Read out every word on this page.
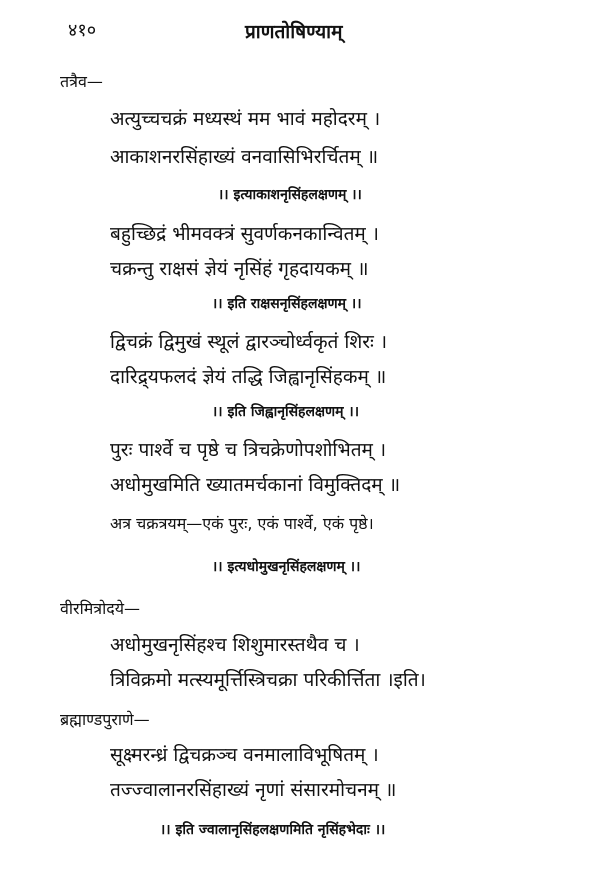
४१०	प्राणतोषिण्याम्
तत्रैव—
अत्युच्चचक्रं मध्यस्थं मम भावं महोदरम् ।
आकाशनरसिंहाख्यं वनवासिभिरर्चितम् ॥
।। इत्याकाशनृसिंहलक्षणम् ।।
बहुच्छिद्रं भीमवक्त्रं सुवर्णकनकान्वितम् ।
चक्रन्तु राक्षसं ज्ञेयं नृसिंहं गृहदायकम् ॥
।। इति राक्षसनृसिंहलक्षणम् ।।
द्विचक्रं द्विमुखं स्थूलं द्वारञ्चोर्ध्वकृतं शिरः ।
दारिद्र्यफलदं ज्ञेयं तद्धि जिह्वानृसिंहकम् ॥
।। इति जिह्वानृसिंहलक्षणम् ।।
पुरः पार्श्वे च पृष्ठे च त्रिचक्रेणोपशोभितम् ।
अधोमुखमिति ख्यातमर्चकानां विमुक्तिदम् ॥
अत्र चक्रत्रयम्—एकं पुरः, एकं पार्श्वे, एकं पृष्ठे।
।। इत्यधोमुखनृसिंहलक्षणम् ।।
वीरमित्रोदये—
अधोमुखनृसिंहश्च शिशुमारस्तथैव च ।
त्रिविक्रमो मत्स्यमूर्त्तिस्त्रिचक्रा परिकीर्त्तिता ।इति।
ब्रह्माण्डपुराणे—
सूक्ष्मरन्ध्रं द्विचक्रञ्च वनमालाविभूषितम् ।
तज्ज्वालानरसिंहाख्यं नृणां संसारमोचनम् ॥
।। इति ज्वालानृसिंहलक्षणमिति नृसिंहभेदाः ।।
